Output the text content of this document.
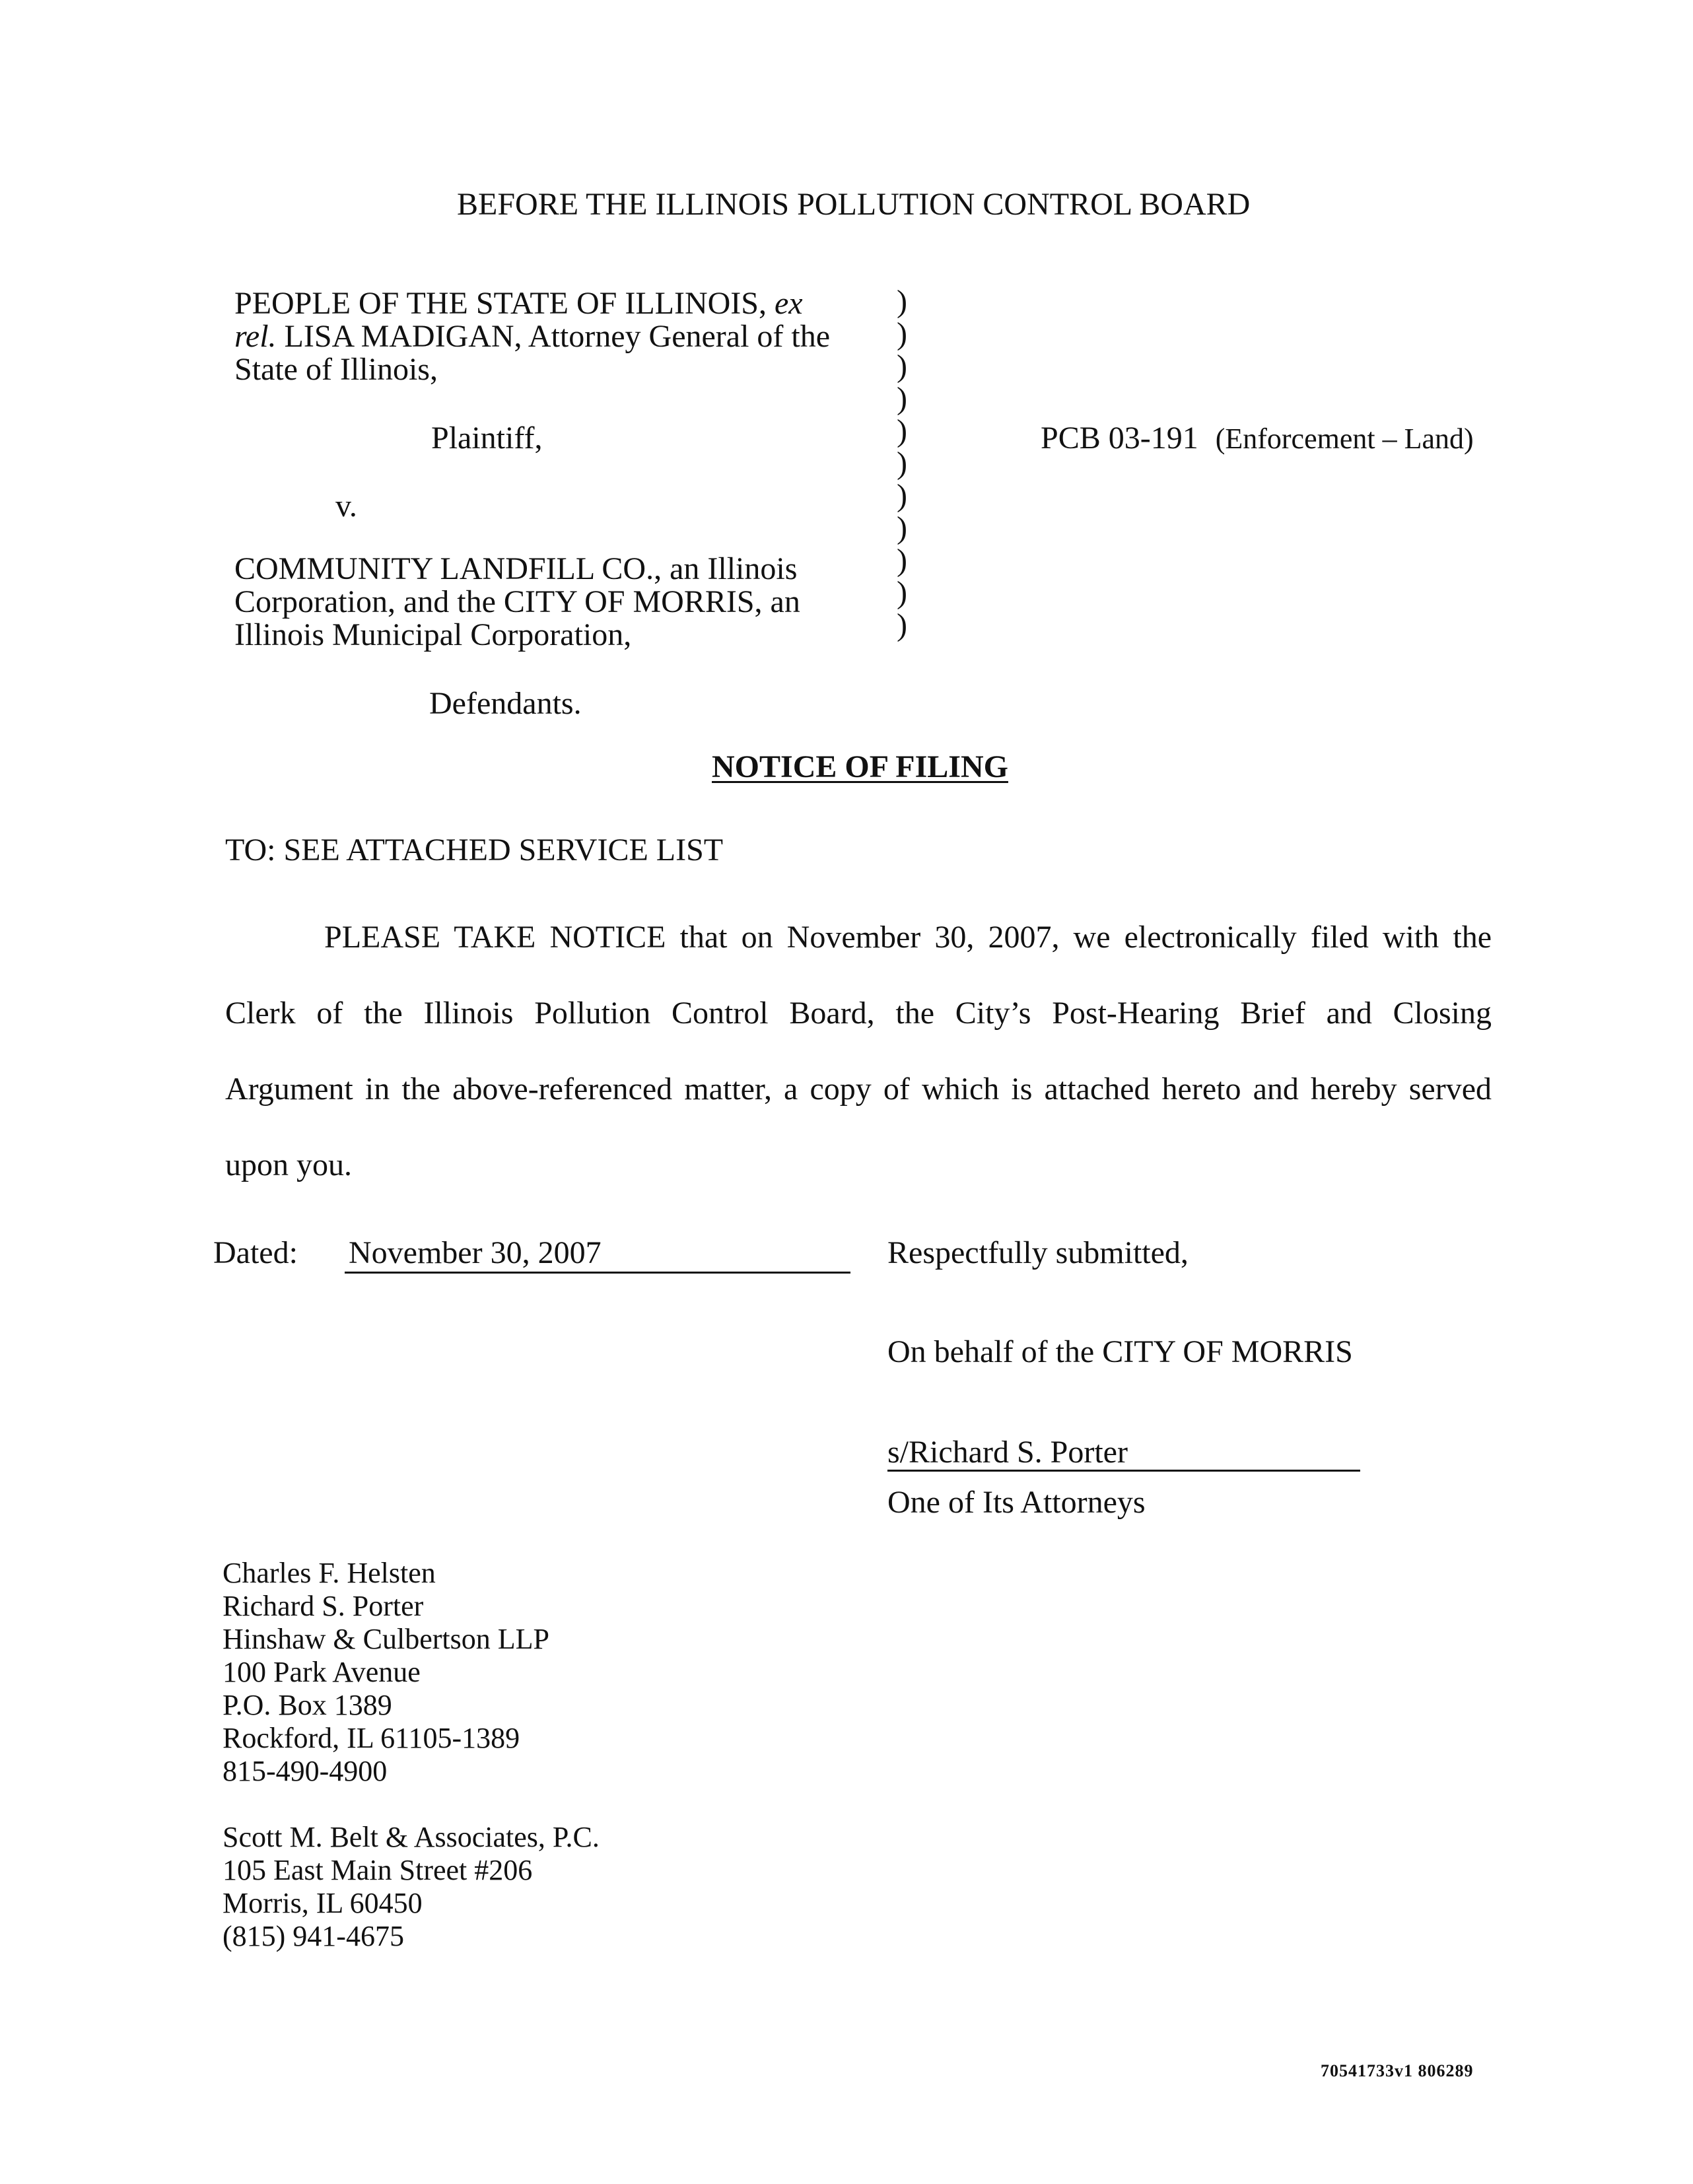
BEFORE THE ILLINOIS POLLUTION CONTROL BOARD
PEOPLE OF THE STATE OF ILLINOIS, ex
rel. LISA MADIGAN, Attorney General of the
State of Illinois,
Plaintiff,
v.
COMMUNITY LANDFILL CO., an Illinois
Corporation, and the CITY OF MORRIS, an
Illinois Municipal Corporation,
Defendants.
)
)
)
)
)
)
)
)
)
)
)
PCB 03-191 (Enforcement – Land)
NOTICE OF FILING
TO: SEE ATTACHED SERVICE LIST
PLEASE TAKE NOTICE that on November 30, 2007, we electronically filed with the
Clerk of the Illinois Pollution Control Board, the City’s Post-Hearing Brief and Closing
Argument in the above-referenced matter, a copy of which is attached hereto and hereby served
upon you.
Dated: November 30, 2007	Respectfully submitted,
On behalf of the CITY OF MORRIS
s/Richard S. Porter
One of Its Attorneys
Charles F. Helsten
Richard S. Porter
Hinshaw & Culbertson LLP
100 Park Avenue
P.O. Box 1389
Rockford, IL 61105-1389
815-490-4900
Scott M. Belt & Associates, P.C.
105 East Main Street #206
Morris, IL 60450
(815) 941-4675
70541733v1 806289
